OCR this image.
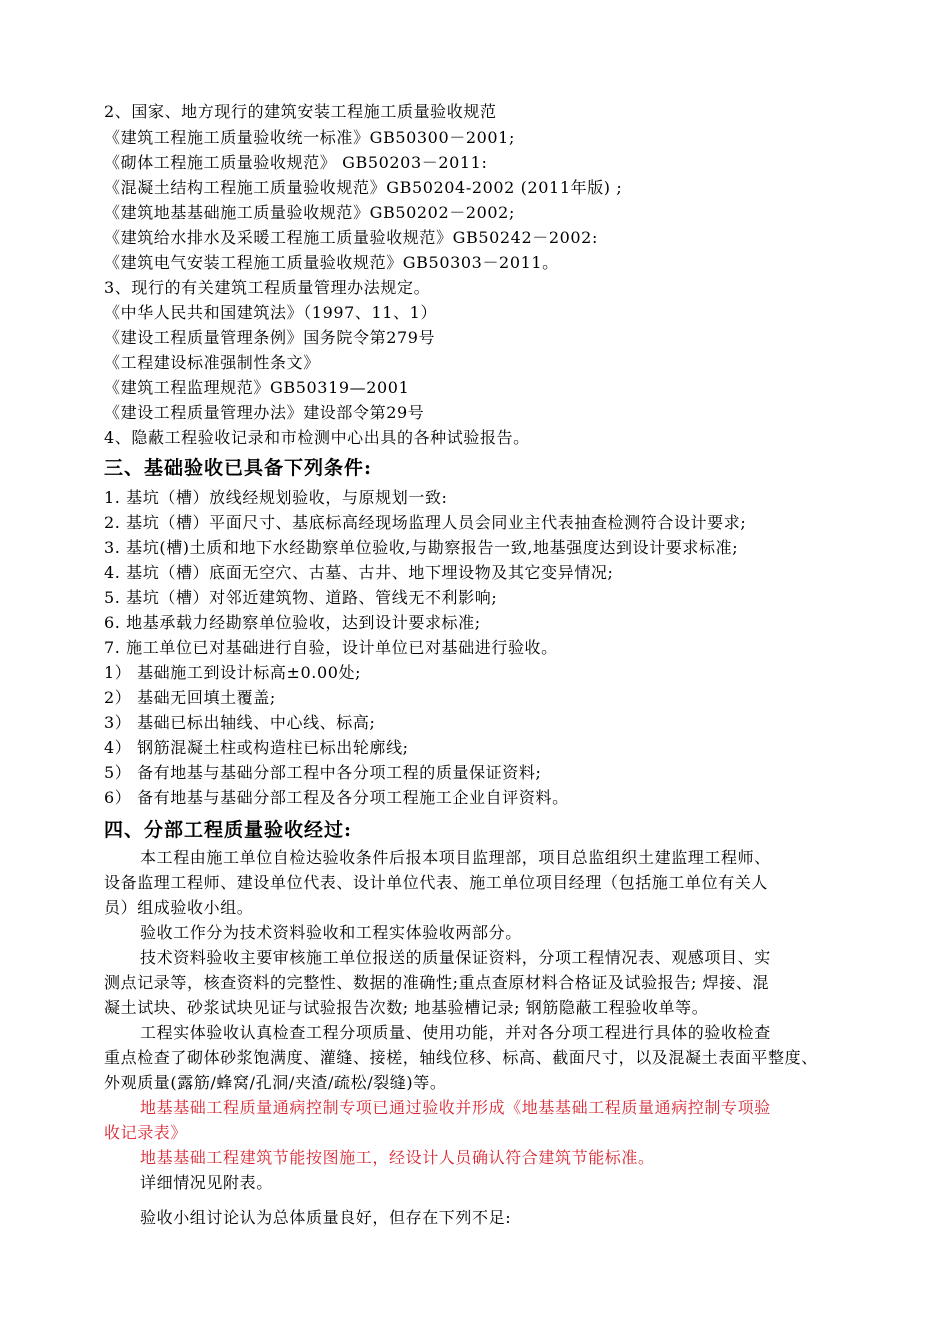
2、国家、地方现行的建筑安装工程施工质量验收规范
《建筑工程施工质量验收统一标准》GB50300－2001;
《砌体工程施工质量验收规范》 GB50203－2011:
《混凝土结构工程施工质量验收规范》GB50204-2002 (2011年版) ;
《建筑地基基础施工质量验收规范》GB50202－2002;
《建筑给水排水及采暖工程施工质量验收规范》GB50242－2002:
《建筑电气安装工程施工质量验收规范》GB50303－2011。
3、现行的有关建筑工程质量管理办法规定。
《中华人民共和国建筑法》（1997、11、1）
《建设工程质量管理条例》国务院令第279号
《工程建设标准强制性条文》
《建筑工程监理规范》GB50319—2001
《建设工程质量管理办法》建设部令第29号
4、隐蔽工程验收记录和市检测中心出具的各种试验报告。
三、基础验收已具备下列条件:
1. 基坑（槽）放线经规划验收，与原规划一致:
2. 基坑（槽）平面尺寸、基底标高经现场监理人员会同业主代表抽查检测符合设计要求;
3. 基坑(槽)土质和地下水经勘察单位验收,与勘察报告一致,地基强度达到设计要求标准;
4. 基坑（槽）底面无空穴、古墓、古井、地下埋设物及其它变异情况;
5. 基坑（槽）对邻近建筑物、道路、管线无不利影响;
6. 地基承载力经勘察单位验收，达到设计要求标准;
7. 施工单位已对基础进行自验，设计单位已对基础进行验收。
1） 基础施工到设计标高±0.00处;
2） 基础无回填土覆盖;
3） 基础已标出轴线、中心线、标高;
4） 钢筋混凝土柱或构造柱已标出轮廓线;
5） 备有地基与基础分部工程中各分项工程的质量保证资料;
6） 备有地基与基础分部工程及各分项工程施工企业自评资料。
四、分部工程质量验收经过:
本工程由施工单位自检达验收条件后报本项目监理部，项目总监组织土建监理工程师、
设备监理工程师、建设单位代表、设计单位代表、施工单位项目经理（包括施工单位有关人
员）组成验收小组。
验收工作分为技术资料验收和工程实体验收两部分。
技术资料验收主要审核施工单位报送的质量保证资料，分项工程情况表、观感项目、实
测点记录等，核查资料的完整性、数据的准确性;重点查原材料合格证及试验报告; 焊接、混
凝土试块、砂浆试块见证与试验报告次数; 地基验槽记录; 钢筋隐蔽工程验收单等。
工程实体验收认真检查工程分项质量、使用功能，并对各分项工程进行具体的验收检查
重点检查了砌体砂浆饱满度、灌缝、接槎，轴线位移、标高、截面尺寸，以及混凝土表面平整度、
外观质量(露筋/蜂窝/孔洞/夹渣/疏松/裂缝)等。
地基基础工程质量通病控制专项已通过验收并形成《地基基础工程质量通病控制专项验
收记录表》
地基基础工程建筑节能按图施工，经设计人员确认符合建筑节能标准。
详细情况见附表。
验收小组讨论认为总体质量良好，但存在下列不足:
